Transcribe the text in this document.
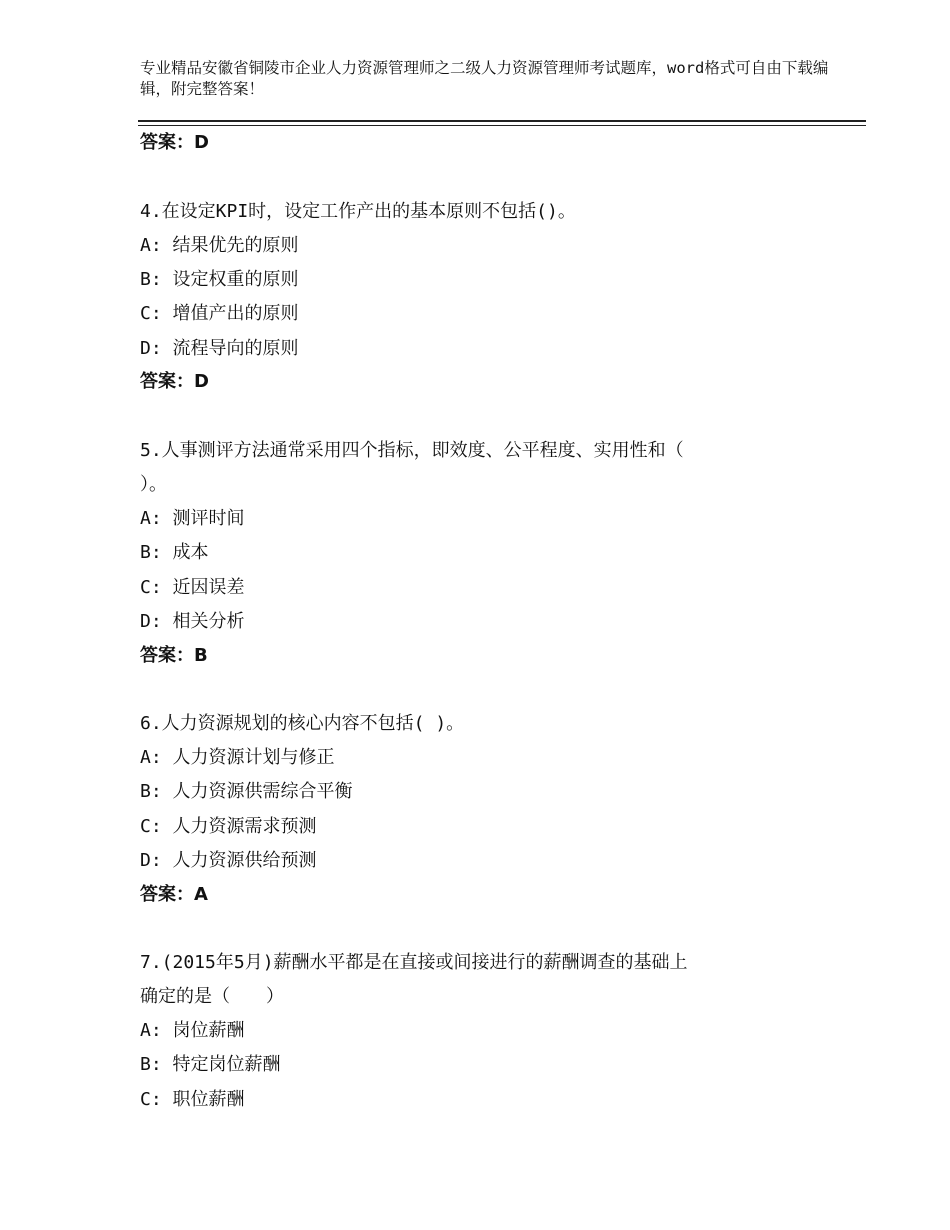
专业精品安徽省铜陵市企业人力资源管理师之二级人力资源管理师考试题库，word格式可自由下载编辑，附完整答案！

答案：D

4.在设定KPI时，设定工作产出的基本原则不包括()。

A: 结果优先的原则

B: 设定权重的原则

C: 增值产出的原则

D: 流程导向的原则

答案：D

5.人事测评方法通常采用四个指标，即效度、公平程度、实用性和（

）。

A: 测评时间

B: 成本

C: 近因误差

D: 相关分析

答案：B

6.人力资源规划的核心内容不包括( )。

A: 人力资源计划与修正

B: 人力资源供需综合平衡

C: 人力资源需求预测

D: 人力资源供给预测

答案：A

7.(2015年5月)薪酬水平都是在直接或间接进行的薪酬调查的基础上

确定的是（　　）

A: 岗位薪酬

B: 特定岗位薪酬

C: 职位薪酬
